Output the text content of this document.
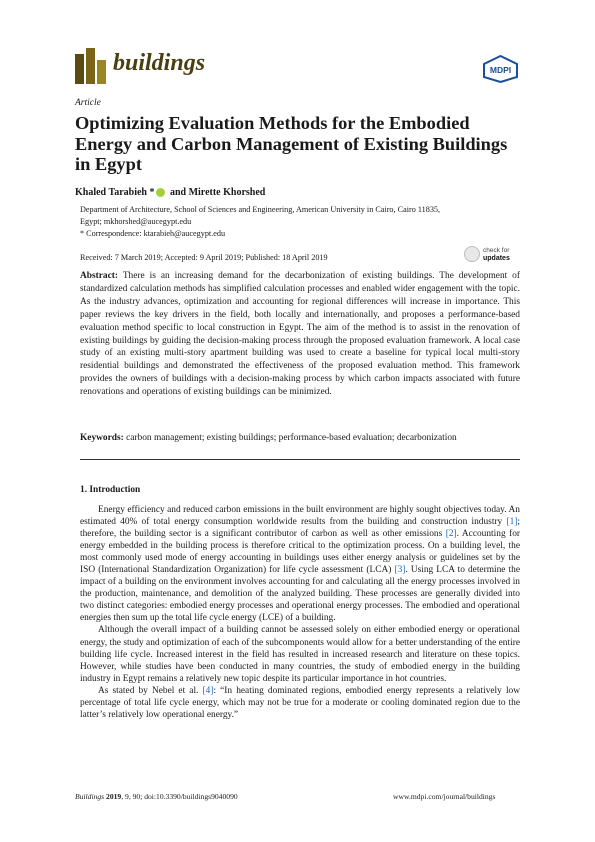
buildings	MDPI
Article
Optimizing Evaluation Methods for the Embodied Energy and Carbon Management of Existing Buildings in Egypt
Khaled Tarabieh * and Mirette Khorshed
Department of Architecture, School of Sciences and Engineering, American University in Cairo, Cairo 11835,
Egypt; mkhorshed@aucegypt.edu
* Correspondence: ktarabieh@aucegypt.edu
check for
updates
Received: 7 March 2019; Accepted: 9 April 2019; Published: 18 April 2019

Abstract: There is an increasing demand for the decarbonization of existing buildings. The development of standardized calculation methods has simplified calculation processes and enabled wider engagement with the topic. As the industry advances, optimization and accounting for regional differences will increase in importance. This paper reviews the key drivers in the field, both locally and internationally, and proposes a performance-based evaluation method specific to local construction in Egypt. The aim of the method is to assist in the renovation of existing buildings by guiding the decision-making process through the proposed evaluation framework. A local case study of an existing multi-story apartment building was used to create a baseline for typical local multi-story residential buildings and demonstrated the effectiveness of the proposed evaluation method. This framework provides the owners of buildings with a decision-making process by which carbon impacts associated with future renovations and operations of existing buildings can be minimized.

Keywords: carbon management; existing buildings; performance-based evaluation; decarbonization
1. Introduction

Energy efficiency and reduced carbon emissions in the built environment are highly sought objectives today. An estimated 40% of total energy consumption worldwide results from the building and construction industry [1]; therefore, the building sector is a significant contributor of carbon as well as other emissions [2]. Accounting for energy embedded in the building process is therefore critical to the optimization process. On a building level, the most commonly used mode of energy accounting in buildings uses either energy analysis or guidelines set by the ISO (International Standardization Organization) for life cycle assessment (LCA) [3]. Using LCA to determine the impact of a building on the environment involves accounting for and calculating all the energy processes involved in the production, maintenance, and demolition of the analyzed building. These processes are generally divided into two distinct categories: embodied energy processes and operational energy processes. The embodied and operational energies then sum up the total life cycle energy (LCE) of a building.

Although the overall impact of a building cannot be assessed solely on either embodied energy or operational energy, the study and optimization of each of the subcomponents would allow for a better understanding of the entire building life cycle. Increased interest in the field has resulted in increased research and literature on these topics. However, while studies have been conducted in many countries, the study of embodied energy in the building industry in Egypt remains a relatively new topic despite its particular importance in hot countries.

As stated by Nebel et al. [4]: “In heating dominated regions, embodied energy represents a relatively low percentage of total life cycle energy, which may not be true for a moderate or cooling dominated region due to the latter’s relatively low operational energy.”

Buildings 2019, 9, 90; doi:10.3390/buildings9040090	www.mdpi.com/journal/buildings
